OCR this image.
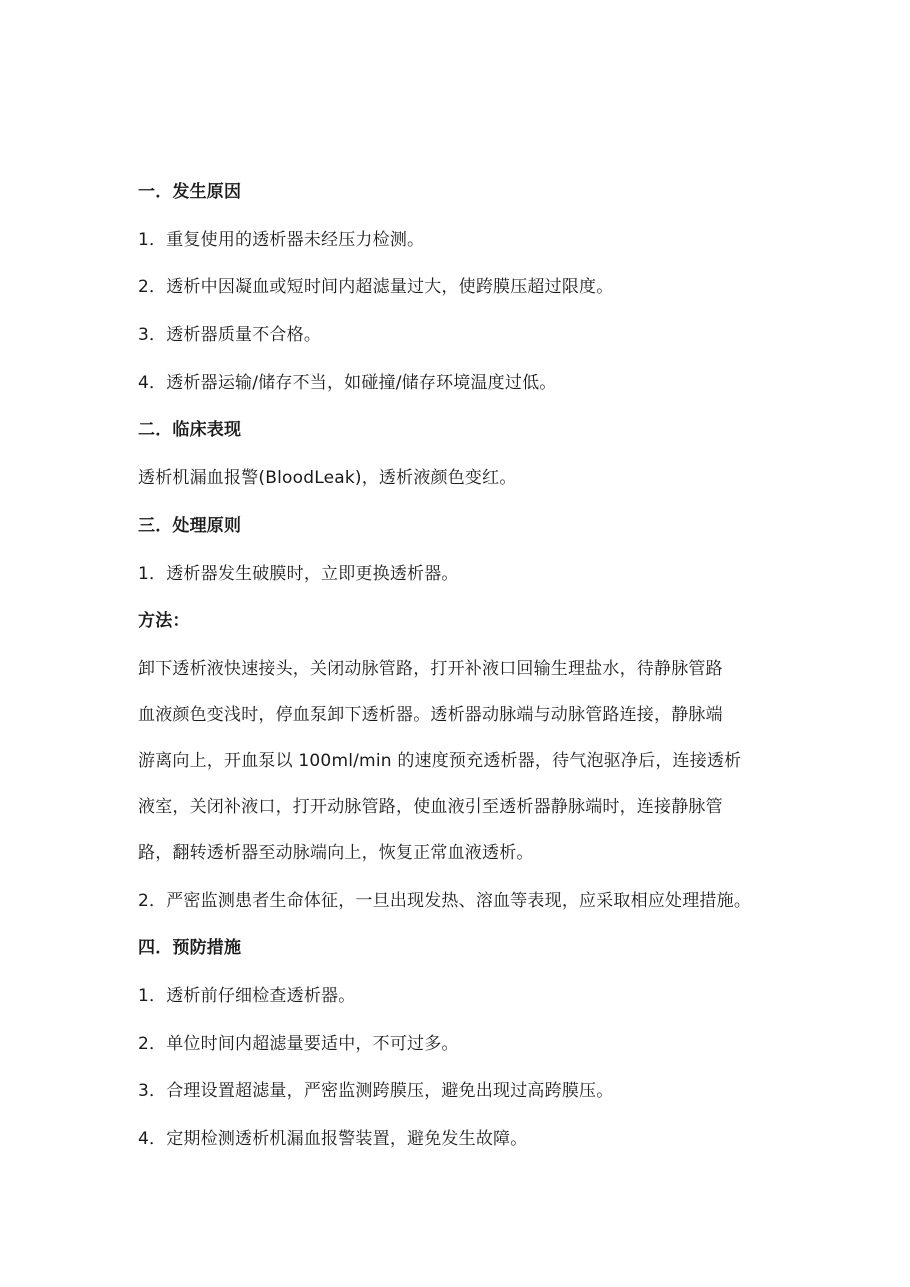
一．发生原因
1．重复使用的透析器未经压力检测。
2．透析中因凝血或短时间内超滤量过大，使跨膜压超过限度。
3．透析器质量不合格。
4．透析器运输/储存不当，如碰撞/储存环境温度过低。
二．临床表现
透析机漏血报警(BloodLeak)，透析液颜色变红。
三．处理原则
1．透析器发生破膜时，立即更换透析器。
方法：
卸下透析液快速接头，关闭动脉管路，打开补液口回输生理盐水，待静脉管路
血液颜色变浅时，停血泵卸下透析器。透析器动脉端与动脉管路连接，静脉端
游离向上，开血泵以 100ml/min 的速度预充透析器，待气泡驱净后，连接透析
液室，关闭补液口，打开动脉管路，使血液引至透析器静脉端时，连接静脉管
路，翻转透析器至动脉端向上，恢复正常血液透析。
2．严密监测患者生命体征，一旦出现发热、溶血等表现，应采取相应处理措施。
四．预防措施
1．透析前仔细检查透析器。
2．单位时间内超滤量要适中，不可过多。
3．合理设置超滤量，严密监测跨膜压，避免出现过高跨膜压。
4．定期检测透析机漏血报警装置，避免发生故障。
